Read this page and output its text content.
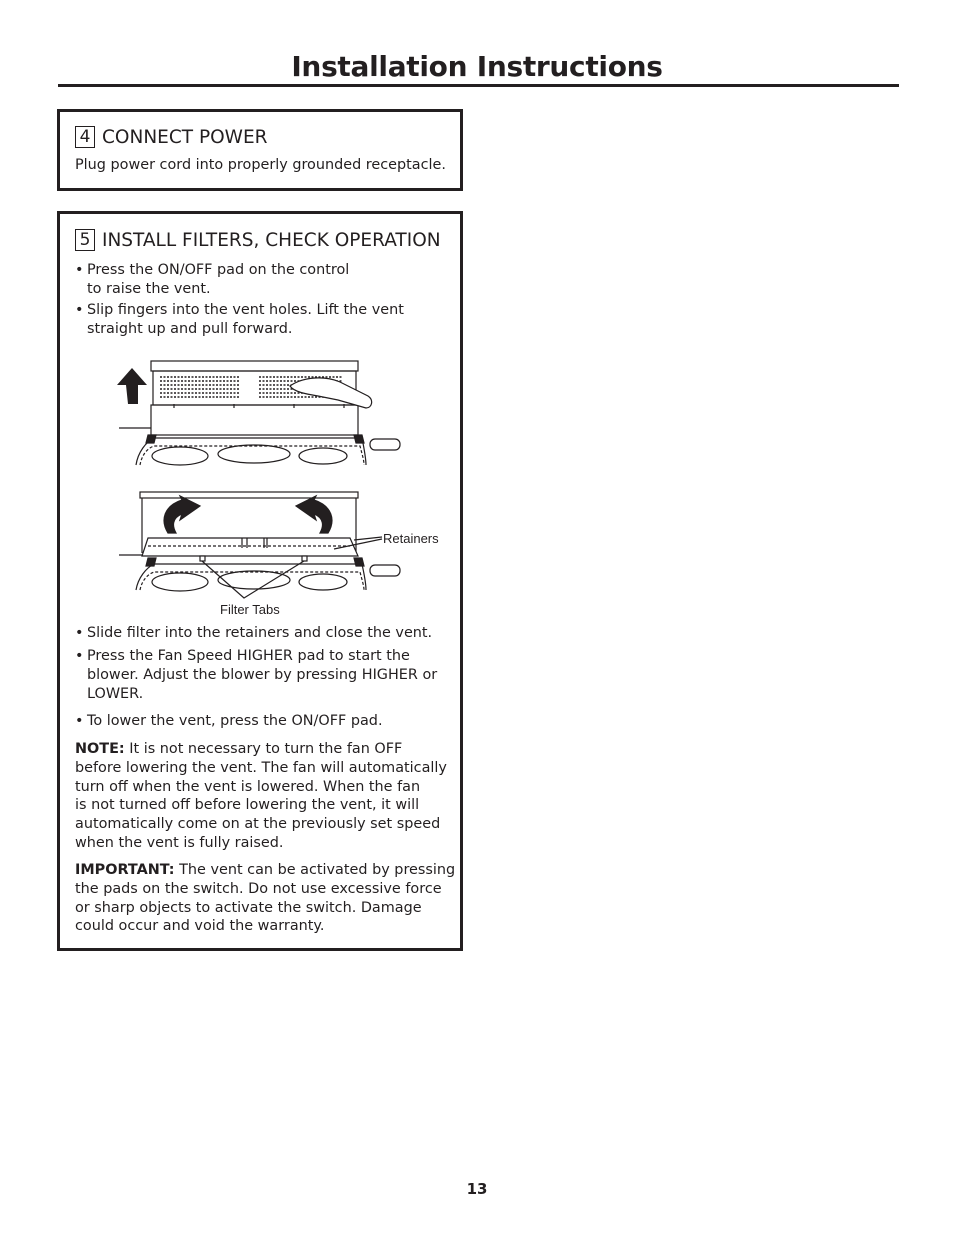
Installation Instructions
4 CONNECT POWER

Plug power cord into properly grounded receptacle.

5 INSTALL FILTERS, CHECK OPERATION
• Press the ON/OFF pad on the control
to raise the vent.
• Slip fingers into the vent holes. Lift the vent
straight up and pull forward.
Retainers
Filter Tabs
• Slide filter into the retainers and close the vent.
• Press the Fan Speed HIGHER pad to start the
blower. Adjust the blower by pressing HIGHER or
LOWER.
• To lower the vent, press the ON/OFF pad.
NOTE: It is not necessary to turn the fan OFF
before lowering the vent. The fan will automatically
turn off when the vent is lowered. When the fan
is not turned off before lowering the vent, it will
automatically come on at the previously set speed
when the vent is fully raised.
IMPORTANT: The vent can be activated by pressing
the pads on the switch. Do not use excessive force
or sharp objects to activate the switch. Damage
could occur and void the warranty.
13
